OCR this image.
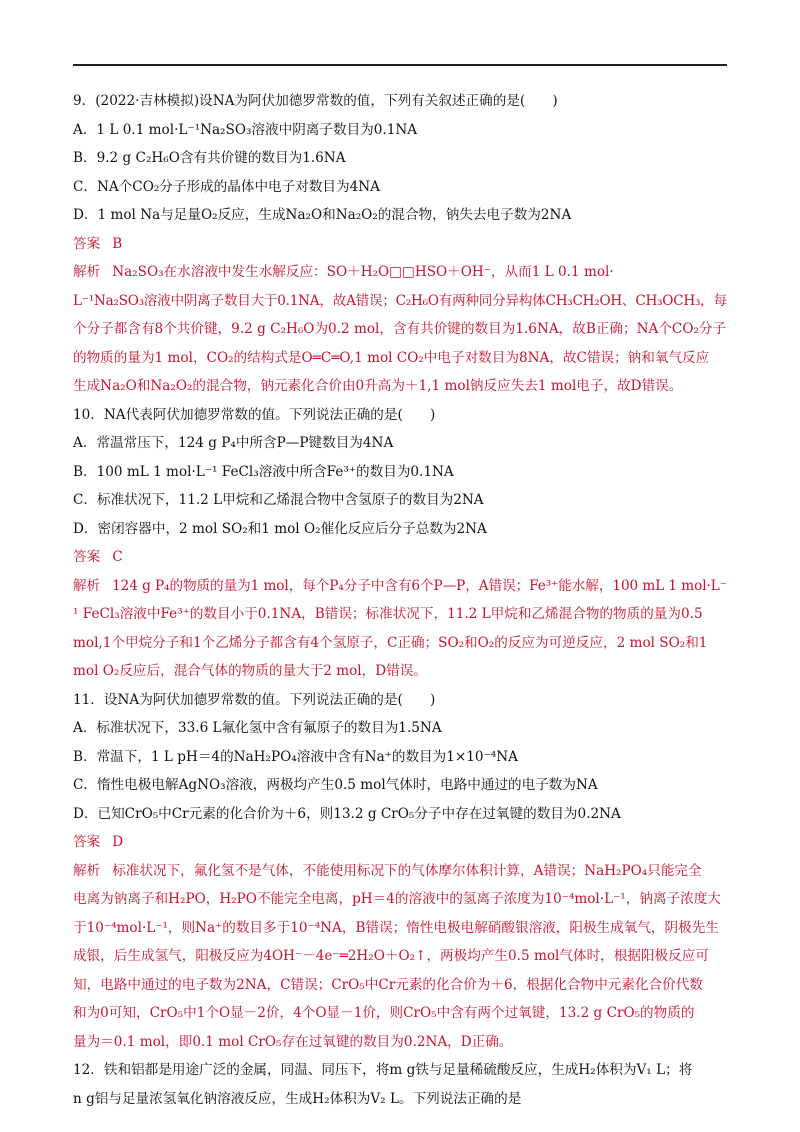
9．(2022·吉林模拟)设NA为阿伏加德罗常数的值，下列有关叙述正确的是(　　)
A．1 L 0.1 mol·L⁻¹Na₂SO₃溶液中阴离子数目为0.1NA
B．9.2 g C₂H₆O含有共价键的数目为1.6NA
C．NA个CO₂分子形成的晶体中电子对数目为4NA
D．1 mol Na与足量O₂反应，生成Na₂O和Na₂O₂的混合物，钠失去电子数为2NA
答案 B
解析 Na₂SO₃在水溶液中发生水解反应：SO＋H₂O□□HSO＋OH⁻，从而1 L 0.1 mol·
L⁻¹Na₂SO₃溶液中阴离子数目大于0.1NA，故A错误；C₂H₆O有两种同分异构体CH₃CH₂OH、CH₃OCH₃，每
个分子都含有8个共价键，9.2 g C₂H₆O为0.2 mol，含有共价键的数目为1.6NA，故B正确；NA个CO₂分子
的物质的量为1 mol，CO₂的结构式是O═C═O,1 mol CO₂中电子对数目为8NA，故C错误；钠和氧气反应
生成Na₂O和Na₂O₂的混合物，钠元素化合价由0升高为＋1,1 mol钠反应失去1 mol电子，故D错误。
10．NA代表阿伏加德罗常数的值。下列说法正确的是(　　)
A．常温常压下，124 g P₄中所含P—P键数目为4NA
B．100 mL 1 mol·L⁻¹ FeCl₃溶液中所含Fe³⁺的数目为0.1NA
C．标准状况下，11.2 L甲烷和乙烯混合物中含氢原子的数目为2NA
D．密闭容器中，2 mol SO₂和1 mol O₂催化反应后分子总数为2NA
答案 C
解析 124 g P₄的物质的量为1 mol，每个P₄分子中含有6个P—P，A错误；Fe³⁺能水解，100 mL 1 mol·L⁻
¹ FeCl₃溶液中Fe³⁺的数目小于0.1NA，B错误；标准状况下，11.2 L甲烷和乙烯混合物的物质的量为0.5
mol,1个甲烷分子和1个乙烯分子都含有4个氢原子，C正确；SO₂和O₂的反应为可逆反应，2 mol SO₂和1
mol O₂反应后，混合气体的物质的量大于2 mol，D错误。
11．设NA为阿伏加德罗常数的值。下列说法正确的是(　　)
A．标准状况下，33.6 L氟化氢中含有氟原子的数目为1.5NA
B．常温下，1 L pH＝4的NaH₂PO₄溶液中含有Na⁺的数目为1×10⁻⁴NA
C．惰性电极电解AgNO₃溶液，两极均产生0.5 mol气体时，电路中通过的电子数为NA
D．已知CrO₅中Cr元素的化合价为＋6，则13.2 g CrO₅分子中存在过氧键的数目为0.2NA
答案 D
解析 标准状况下，氟化氢不是气体，不能使用标况下的气体摩尔体积计算，A错误；NaH₂PO₄只能完全
电离为钠离子和H₂PO，H₂PO不能完全电离，pH＝4的溶液中的氢离子浓度为10⁻⁴mol·L⁻¹，钠离子浓度大
于10⁻⁴mol·L⁻¹，则Na⁺的数目多于10⁻⁴NA，B错误；惰性电极电解硝酸银溶液，阳极生成氧气，阴极先生
成银，后生成氢气，阳极反应为4OH⁻－4e⁻═2H₂O＋O₂↑，两极均产生0.5 mol气体时，根据阳极反应可
知，电路中通过的电子数为2NA，C错误；CrO₅中Cr元素的化合价为＋6，根据化合物中元素化合价代数
和为0可知，CrO₅中1个O显－2价，4个O显－1价，则CrO₅中含有两个过氧键，13.2 g CrO₅的物质的
量为＝0.1 mol，即0.1 mol CrO₅存在过氧键的数目为0.2NA，D正确。
12．铁和铝都是用途广泛的金属，同温、同压下，将m g铁与足量稀硫酸反应，生成H₂体积为V₁ L；将
n g铝与足量浓氢氧化钠溶液反应，生成H₂体积为V₂ L。下列说法正确的是
